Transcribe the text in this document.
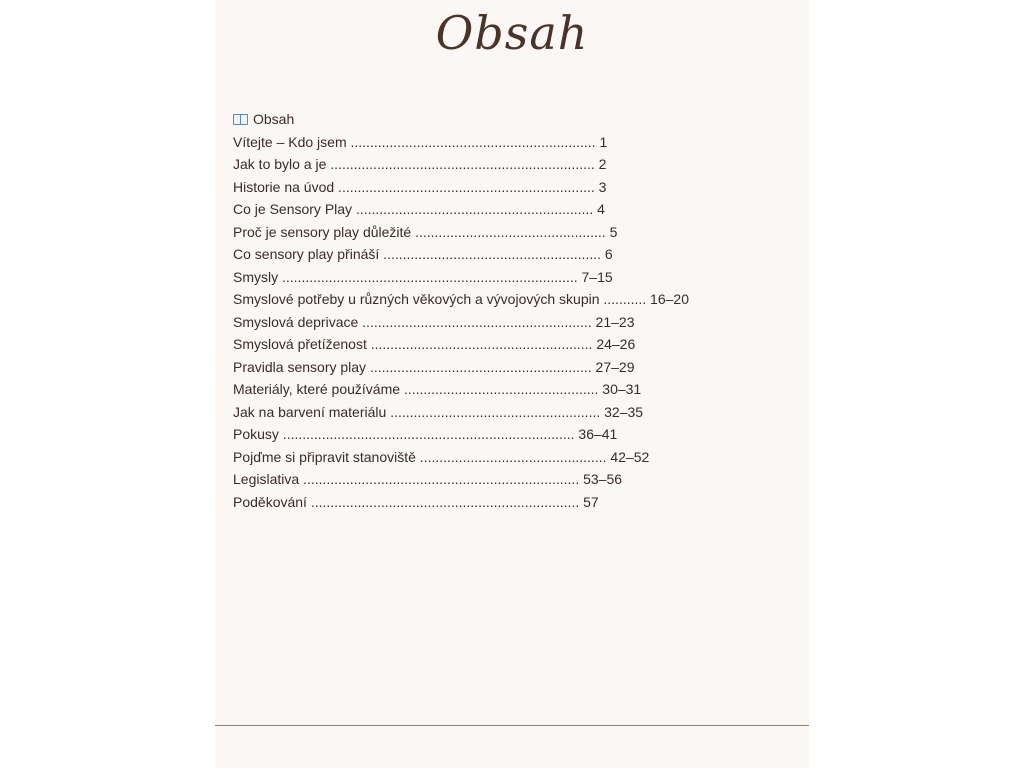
Obsah
Obsah
Vítejte – Kdo jsem ............................................................... 1
Jak to bylo a je .................................................................... 2
Historie na úvod .................................................................. 3
Co je Sensory Play ............................................................. 4
Proč je sensory play důležité ................................................. 5
Co sensory play přináší ........................................................ 6
Smysly ............................................................................ 7–15
Smyslové potřeby u různých věkových a vývojových skupin ........... 16–20
Smyslová deprivace ........................................................... 21–23
Smyslová přetíženost ......................................................... 24–26
Pravidla sensory play ......................................................... 27–29
Materiály, které používáme .................................................. 30–31
Jak na barvení materiálu ...................................................... 32–35
Pokusy ........................................................................... 36–41
Pojďme si připravit stanoviště ................................................ 42–52
Legislativa ....................................................................... 53–56
Poděkování ..................................................................... 57
